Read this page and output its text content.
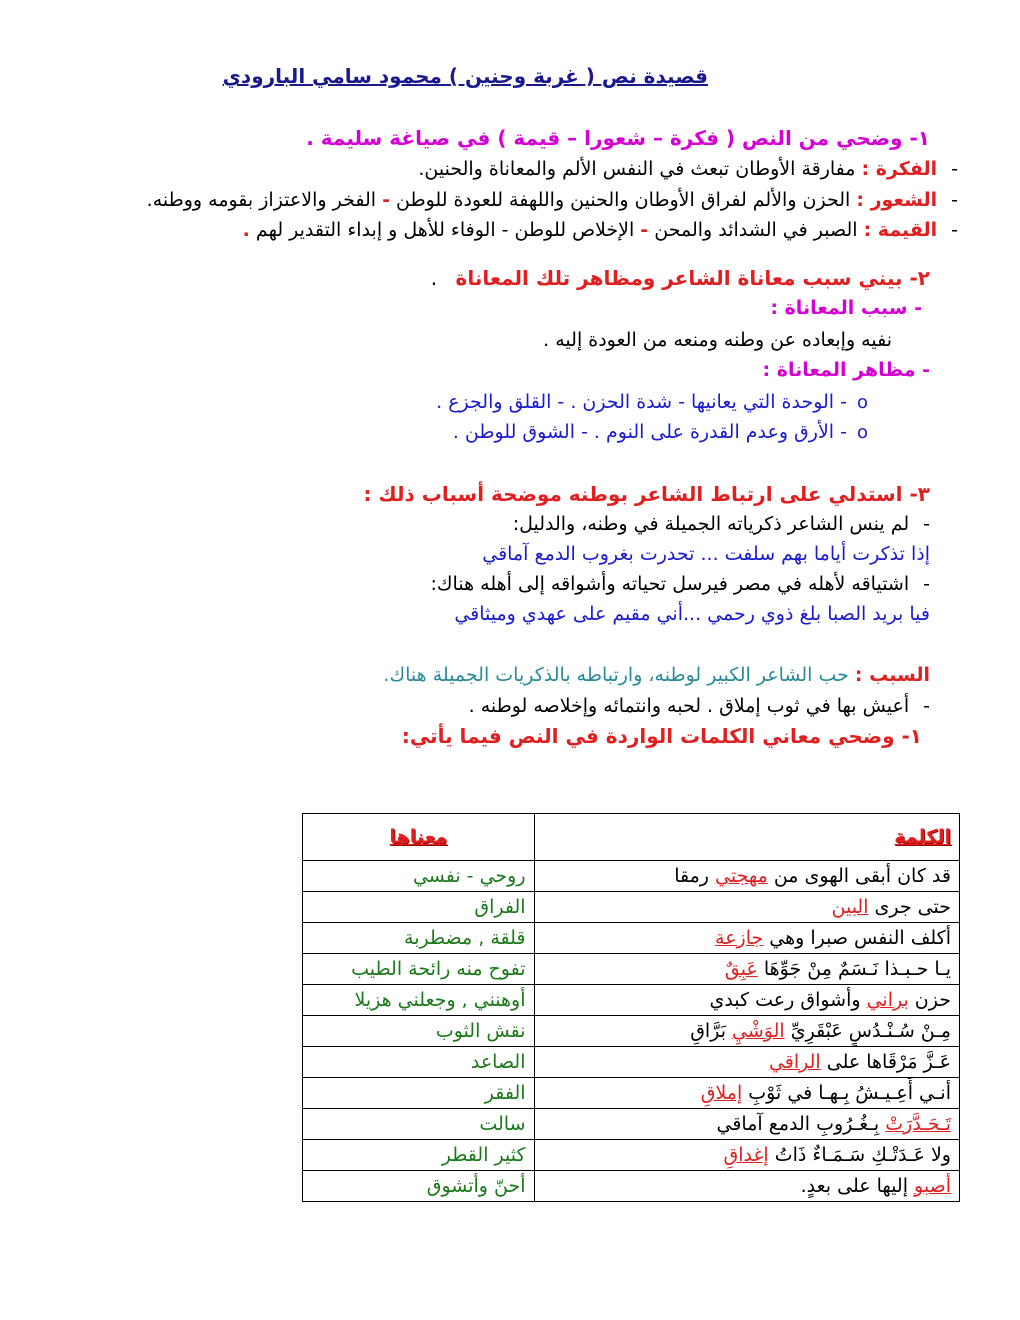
قصيدة نص ( غربة وحنين ) محمود سامي البارودي
١- وضحي من النص ( فكرة – شعورا – قيمة ) في صياغة سليمة .
-الفكرة : مفارقة الأوطان تبعث في النفس الألم والمعاناة والحنين.
-الشعور : الحزن والألم لفراق الأوطان والحنين واللهفة للعودة للوطن - الفخر والاعتزاز بقومه ووطنه.
-القيمة : الصبر في الشدائد والمحن - الإخلاص للوطن - الوفاء للأهل و إبداء التقدير لهم .
٢- بيني سبب معاناة الشاعر ومظاهر تلك المعاناة .
- سبب المعاناة :
نفيه وإبعاده عن وطنه ومنعه من العودة إليه .
- مظاهر المعاناة :
o- الوحدة التي يعانيها - شدة الحزن . - القلق والجزع .
o- الأرق وعدم القدرة على النوم . - الشوق للوطن .
٣- استدلي على ارتباط الشاعر بوطنه موضحة أسباب ذلك :
-لم ينس الشاعر ذكرياته الجميلة في وطنه، والدليل:
إذا تذكرت أياما بهم سلفت ... تحدرت بغروب الدمع آماقي
-اشتياقه لأهله في مصر فيرسل تحياته وأشواقه إلى أهله هناك:
فيا بريد الصبا بلغ ذوي رحمي ...أني مقيم على عهدي وميثاقي
السبب : حب الشاعر الكبير لوطنه، وارتباطه بالذكريات الجميلة هناك.
-أعيش بها في ثوب إملاق . لحبه وانتمائه وإخلاصه لوطنه .
١- وضحي معاني الكلمات الواردة في النص فيما يأتي:
الكلمة	معناها
قد كان أبقى الهوى من مهجتي رمقا	روحي - نفسي
حتى جرى البين	الفراق
أكلف النفس صبرا وهي جازعة	قلقة , مضطربة
يـا حـبـذا نَـسَمٌ مِنْ جَوِّهَا عَبِقٌ	تفوح منه رائحة الطيب
حزن براني وأشواق رعت كبدي	أوهنني , وجعلني هزيلا
مِـنْ سُـنْـدُسٍ عَبْقَرِيِّ الوَشْيِ بَرَّاقِ	نقش الثوب
عَـزَّ مَرْقَاها على الراقي	الصاعد
أنـي أَعِـيـشُ بِـهـا في ثَوْبِ إملاقِ	الفقر
تَـحَـدَّرَتْ بِـغُـرُوبِ الدمع آماقي	سالت
ولا عَـدَتْـكِ سَـمَـاءٌ ذَاتُ إغداقِ	كثير القطر
أصبو إليها على بعدٍ.	أحنّ وأتشوق
